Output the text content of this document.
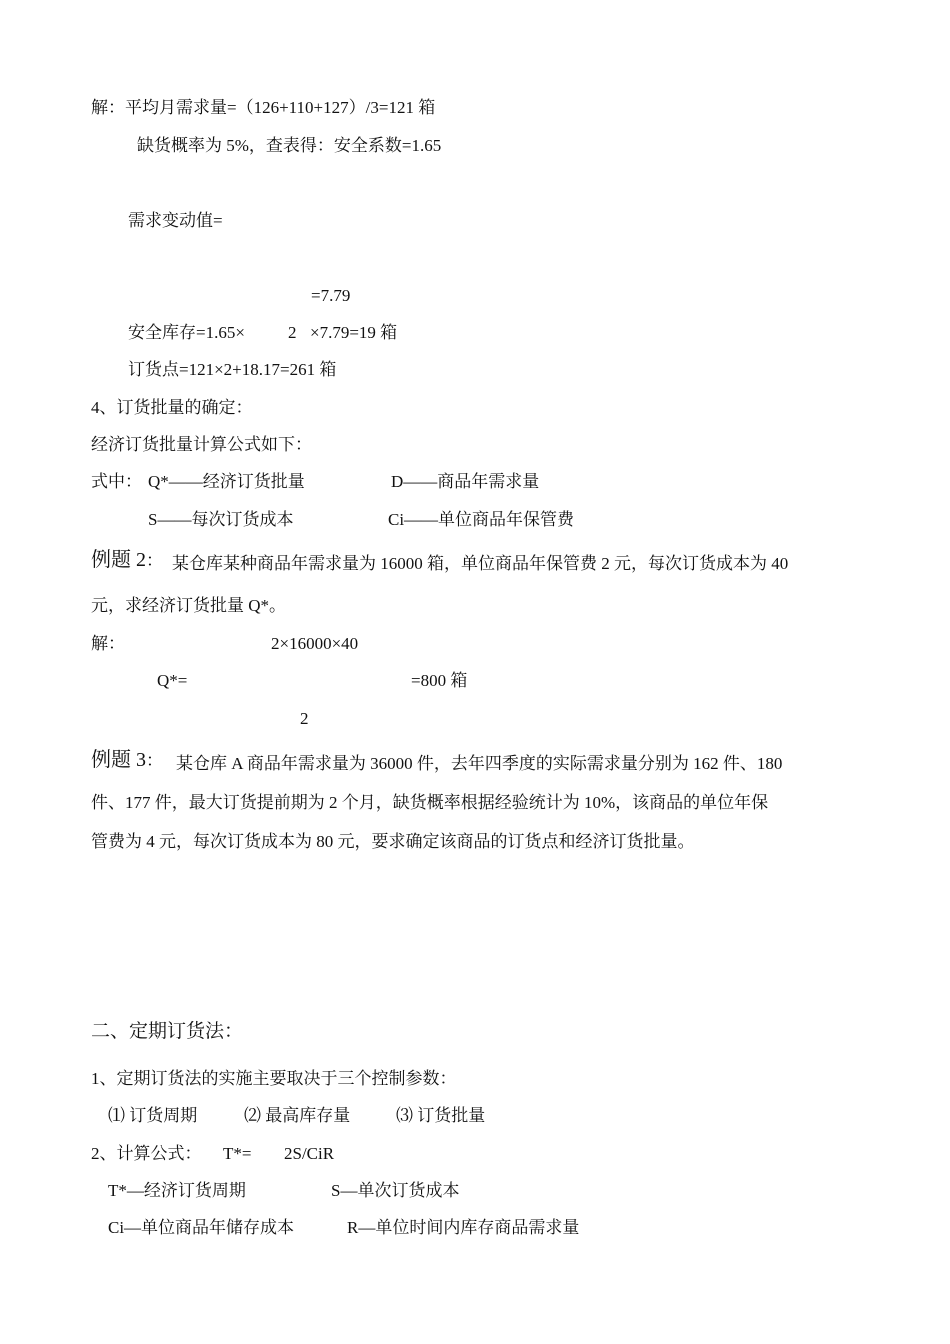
解：平均月需求量=（126+110+127）/3=121 箱
缺货概率为 5%，查表得：安全系数=1.65
需求变动值=
=7.79
安全库存=1.65×	2 ×7.79=19 箱
订货点=121×2+18.17=261 箱
4、订货批量的确定：
经济订货批量计算公式如下：
式中： Q*——经济订货批量	D——商品年需求量
S——每次订货成本	Ci——单位商品年保管费
例题 2： 某仓库某种商品年需求量为 16000 箱，单位商品年保管费 2 元，每次订货成本为 40
元，求经济订货批量 Q*。
解：	2×16000×40
Q*=	=800 箱
2
例题 3： 某仓库 A 商品年需求量为 36000 件，去年四季度的实际需求量分别为 162 件、180
件、177 件，最大订货提前期为 2 个月，缺货概率根据经验统计为 10%，该商品的单位年保
管费为 4 元，每次订货成本为 80 元，要求确定该商品的订货点和经济订货批量。
二、定期订货法：
1、定期订货法的实施主要取决于三个控制参数：
⑴ 订货周期	⑵ 最高库存量	⑶ 订货批量
2、计算公式： T*= 2S/CiR
T*—经济订货周期	S—单次订货成本
Ci—单位商品年储存成本	R—单位时间内库存商品需求量
